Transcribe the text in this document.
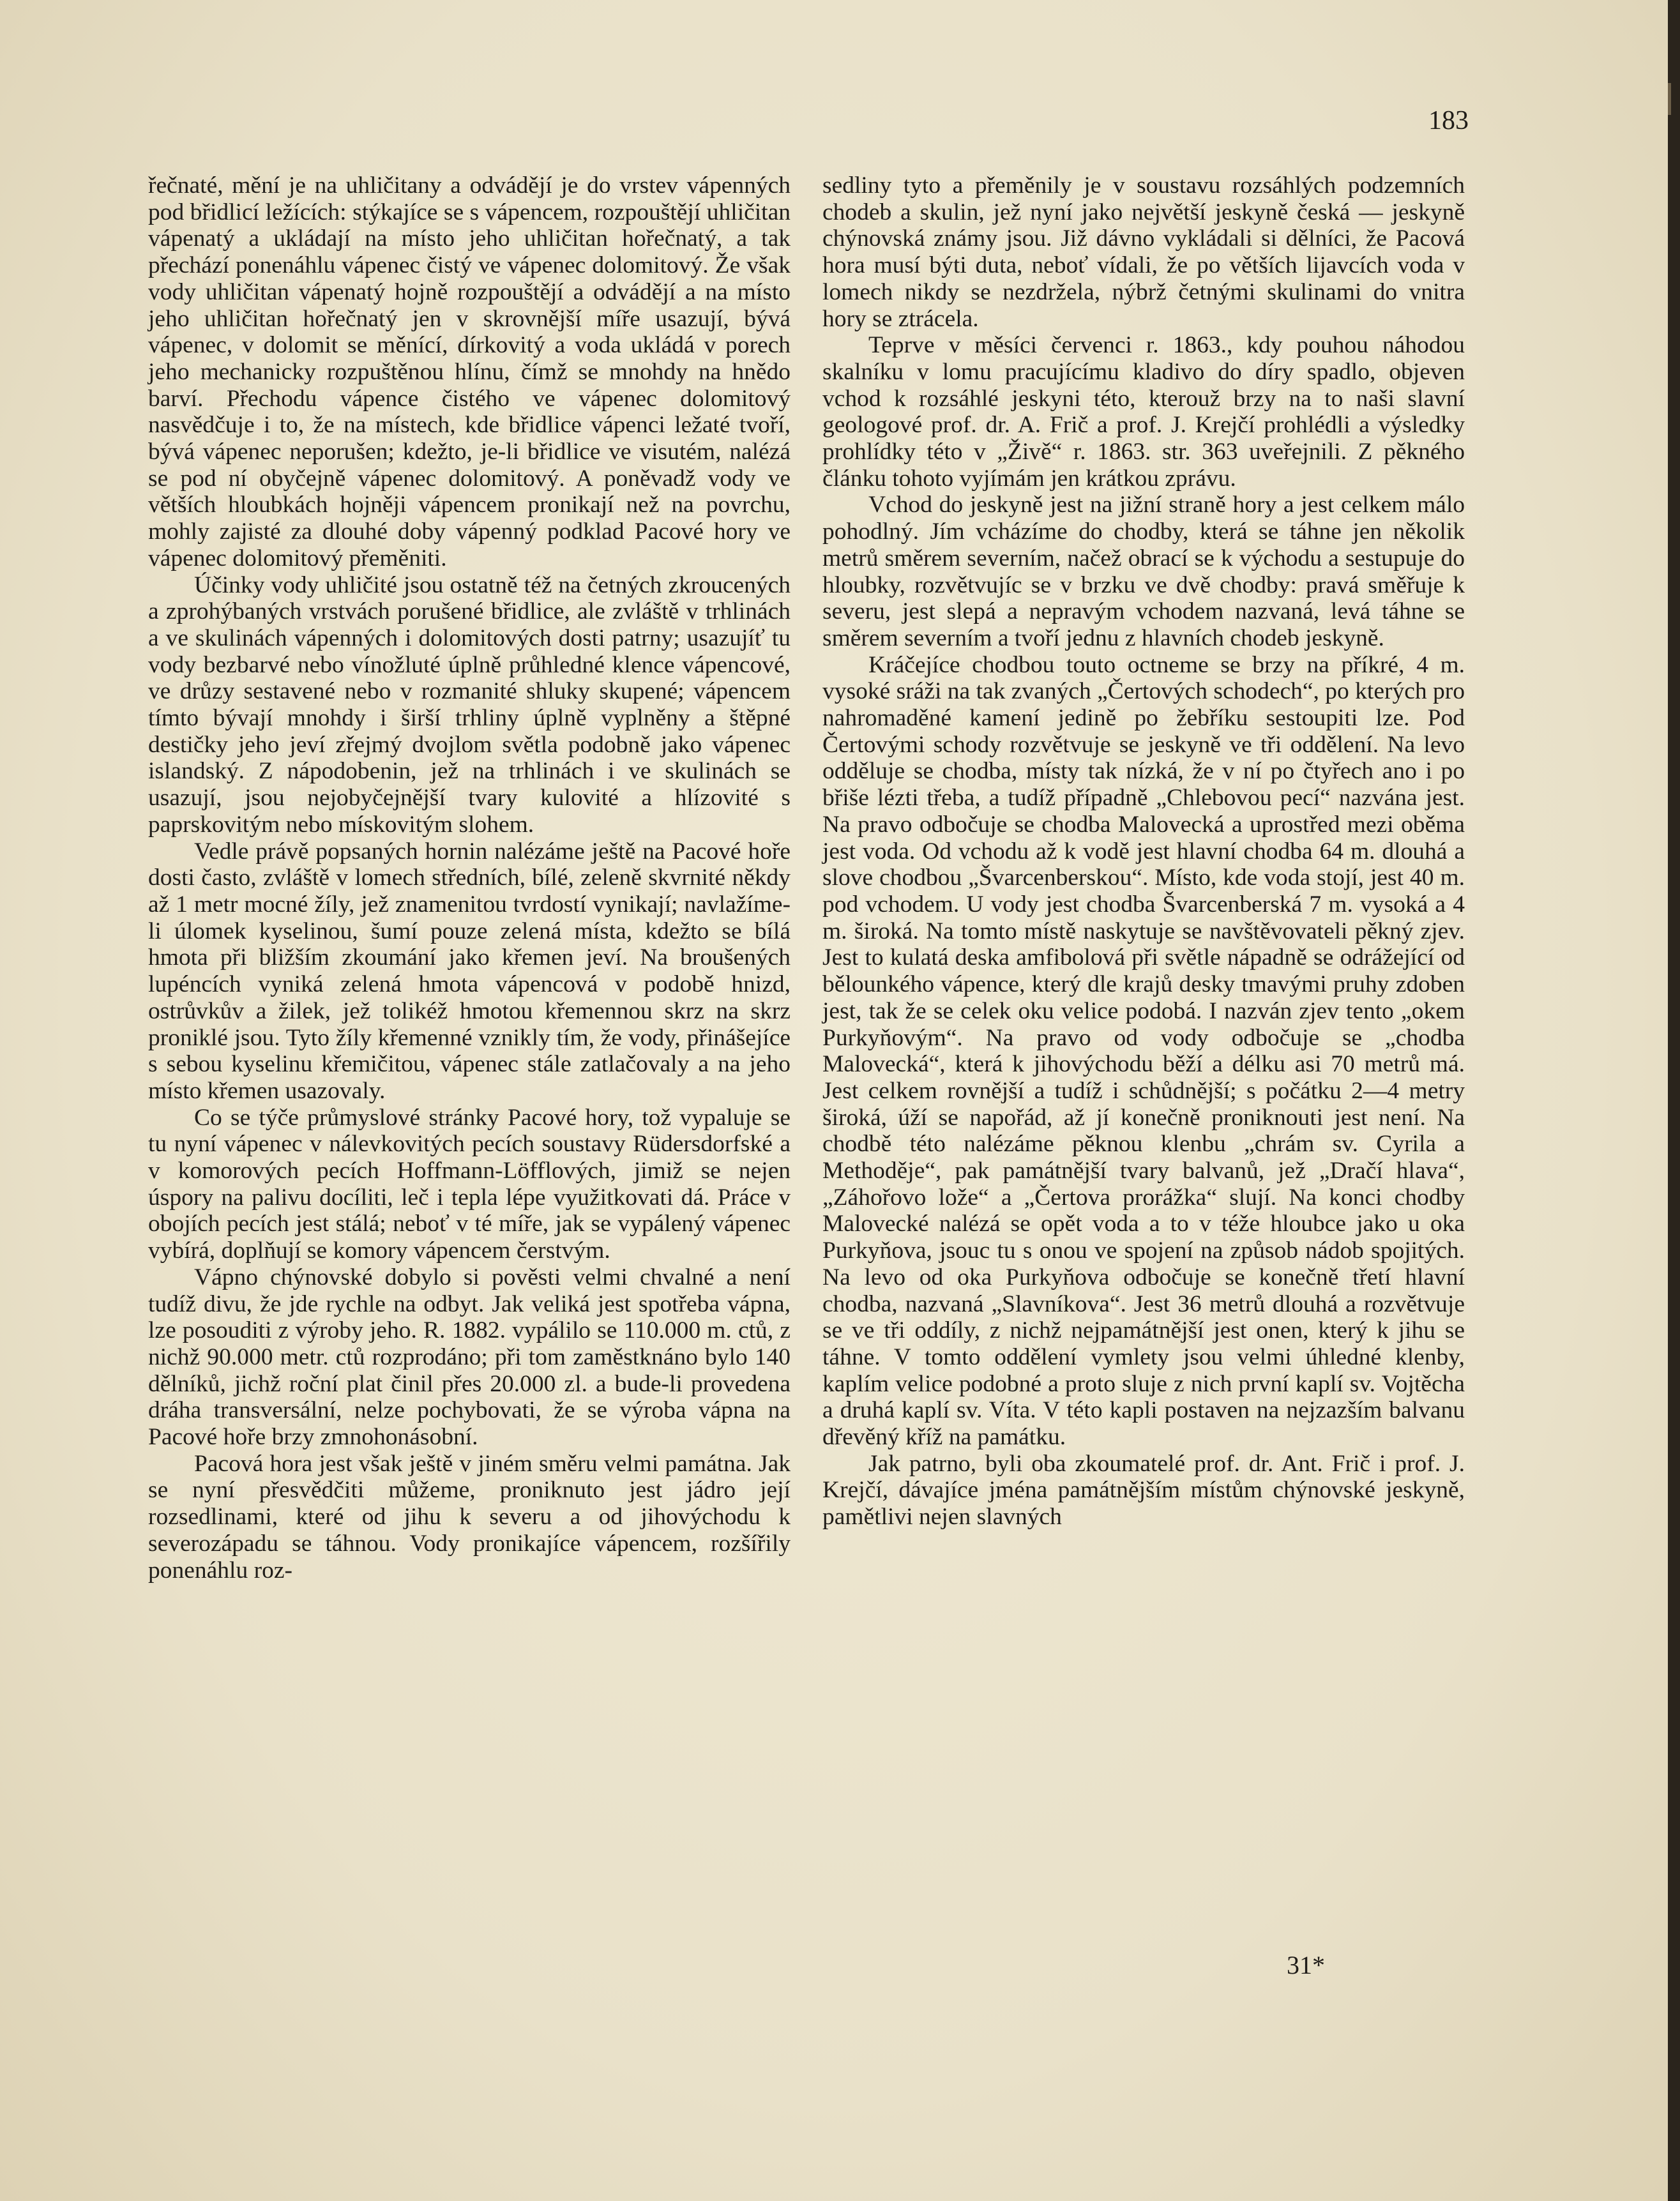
183

řečnaté, mění je na uhličitany a odvádějí je do vrstev vápenných pod břidlicí ležících: stýkajíce se s vápencem, rozpouštějí uhličitan vápenatý a ukládají na místo jeho uhličitan hořečnatý, a tak přechází ponenáhlu vápenec čistý ve vápenec dolomitový. Že však vody uhličitan vápenatý hojně rozpouštějí a odvádějí a na místo jeho uhličitan hořečnatý jen v skrovnější míře usazují, bývá vápenec, v dolomit se měnící, dírkovitý a voda ukládá v porech jeho mechanicky rozpuštěnou hlínu, čímž se mnohdy na hnědo barví. Přechodu vápence čistého ve vápenec dolomitový nasvědčuje i to, že na místech, kde břidlice vápenci ležaté tvoří, bývá vápenec neporušen; kdežto, je-li břidlice ve visutém, nalézá se pod ní obyčejně vápenec dolomitový. A poněvadž vody ve větších hloubkách hojněji vápencem pronikají než na povrchu, mohly zajisté za dlouhé doby vápenný podklad Pacové hory ve vápenec dolomitový přeměniti.

Účinky vody uhličité jsou ostatně též na četných zkroucených a zprohýbaných vrstvách porušené břidlice, ale zvláště v trhlinách a ve skulinách vápenných i dolomitových dosti patrny; usazujíť tu vody bezbarvé nebo vínožluté úplně průhledné klence vápencové, ve drůzy sestavené nebo v rozmanité shluky skupené; vápencem tímto bývají mnohdy i širší trhliny úplně vyplněny a štěpné destičky jeho jeví zřejmý dvojlom světla podobně jako vápenec islandský. Z nápodobenin, jež na trhlinách i ve skulinách se usazují, jsou nejobyčejnější tvary kulovité a hlízovité s paprskovitým nebo mískovitým slohem.

Vedle právě popsaných hornin nalézáme ještě na Pacové hoře dosti často, zvláště v lomech středních, bílé, zeleně skvrnité někdy až 1 metr mocné žíly, jež znamenitou tvrdostí vynikají; navlažíme-li úlomek kyselinou, šumí pouze zelená místa, kdežto se bílá hmota při bližším zkoumání jako křemen jeví. Na broušených lupéncích vyniká zelená hmota vápencová v podobě hnizd, ostrůvkův a žilek, jež tolikéž hmotou křemennou skrz na skrz proniklé jsou. Tyto žíly křemenné vznikly tím, že vody, přinášejíce s sebou kyselinu křemičitou, vápenec stále zatlačovaly a na jeho místo křemen usazovaly.

Co se týče průmyslové stránky Pacové hory, tož vypaluje se tu nyní vápenec v nálevkovitých pecích soustavy Rüdersdorfské a v komorových pecích Hoffmann-Löfflových, jimiž se nejen úspory na palivu docíliti, leč i tepla lépe využitkovati dá. Práce v obojích pecích jest stálá; neboť v té míře, jak se vypálený vápenec vybírá, doplňují se komory vápencem čerstvým.

Vápno chýnovské dobylo si pověsti velmi chvalné a není tudíž divu, že jde rychle na odbyt. Jak veliká jest spotřeba vápna, lze posouditi z výroby jeho. R. 1882. vypálilo se 110.000 m. ctů, z nichž 90.000 metr. ctů rozprodáno; při tom zaměstknáno bylo 140 dělníků, jichž roční plat činil přes 20.000 zl. a bude-li provedena dráha transversální, nelze pochybovati, že se výroba vápna na Pacové hoře brzy zmnohonásobní.

Pacová hora jest však ještě v jiném směru velmi památna. Jak se nyní přesvědčiti můžeme, proniknuto jest jádro její rozsedlinami, které od jihu k severu a od jihovýchodu k severozápadu se táhnou. Vody pronikajíce vápencem, rozšířily ponenáhlu roz-

sedliny tyto a přeměnily je v soustavu rozsáhlých podzemních chodeb a skulin, jež nyní jako největší jeskyně česká — jeskyně chýnovská známy jsou. Již dávno vykládali si dělníci, že Pacová hora musí býti duta, neboť vídali, že po větších lijavcích voda v lomech nikdy se nezdržela, nýbrž četnými skulinami do vnitra hory se ztrácela.

Teprve v měsíci červenci r. 1863., kdy pouhou náhodou skalníku v lomu pracujícímu kladivo do díry spadlo, objeven vchod k rozsáhlé jeskyni této, kterouž brzy na to naši slavní geologové prof. dr. A. Frič a prof. J. Krejčí prohlédli a výsledky prohlídky této v „Živě“ r. 1863. str. 363 uveřejnili. Z pěkného článku tohoto vyjímám jen krátkou zprávu.

Vchod do jeskyně jest na jižní straně hory a jest celkem málo pohodlný. Jím vcházíme do chodby, která se táhne jen několik metrů směrem severním, načež obrací se k východu a sestupuje do hloubky, rozvětvujíc se v brzku ve dvě chodby: pravá směřuje k severu, jest slepá a nepravým vchodem nazvaná, levá táhne se směrem severním a tvoří jednu z hlavních chodeb jeskyně.

Kráčejíce chodbou touto octneme se brzy na příkré, 4 m. vysoké sráži na tak zvaných „Čertových schodech“, po kterých pro nahromaděné kamení jedině po žebříku sestoupiti lze. Pod Čertovými schody rozvětvuje se jeskyně ve tři oddělení. Na levo odděluje se chodba, místy tak nízká, že v ní po čtyřech ano i po břiše lézti třeba, a tudíž případně „Chlebovou pecí“ nazvána jest. Na pravo odbočuje se chodba Malovecká a uprostřed mezi oběma jest voda. Od vchodu až k vodě jest hlavní chodba 64 m. dlouhá a slove chodbou „Švarcenberskou“. Místo, kde voda stojí, jest 40 m. pod vchodem. U vody jest chodba Švarcenberská 7 m. vysoká a 4 m. široká. Na tomto místě naskytuje se navštěvovateli pěkný zjev. Jest to kulatá deska amfibolová při světle nápadně se odrážející od bělounkého vápence, který dle krajů desky tmavými pruhy zdoben jest, tak že se celek oku velice podobá. I nazván zjev tento „okem Purkyňovým“. Na pravo od vody odbočuje se „chodba Malovecká“, která k jihovýchodu běží a délku asi 70 metrů má. Jest celkem rovnější a tudíž i schůdnější; s počátku 2—4 metry široká, úží se napořád, až jí konečně proniknouti jest není. Na chodbě této nalézáme pěknou klenbu „chrám sv. Cyrila a Methoděje“, pak památnější tvary balvanů, jež „Dračí hlava“, „Záhořovo lože“ a „Čertova prorážka“ slují. Na konci chodby Malovecké nalézá se opět voda a to v téže hloubce jako u oka Purkyňova, jsouc tu s onou ve spojení na způsob nádob spojitých. Na levo od oka Purkyňova odbočuje se konečně třetí hlavní chodba, nazvaná „Slavníkova“. Jest 36 metrů dlouhá a rozvětvuje se ve tři oddíly, z nichž nejpamátnější jest onen, který k jihu se táhne. V tomto oddělení vymlety jsou velmi úhledné klenby, kaplím velice podobné a proto sluje z nich první kaplí sv. Vojtěcha a druhá kaplí sv. Víta. V této kapli postaven na nejzazším balvanu dřevěný kříž na památku.

Jak patrno, byli oba zkoumatelé prof. dr. Ant. Frič i prof. J. Krejčí, dávajíce jména památnějším místům chýnovské jeskyně, pamětlivi nejen slavných

31*
